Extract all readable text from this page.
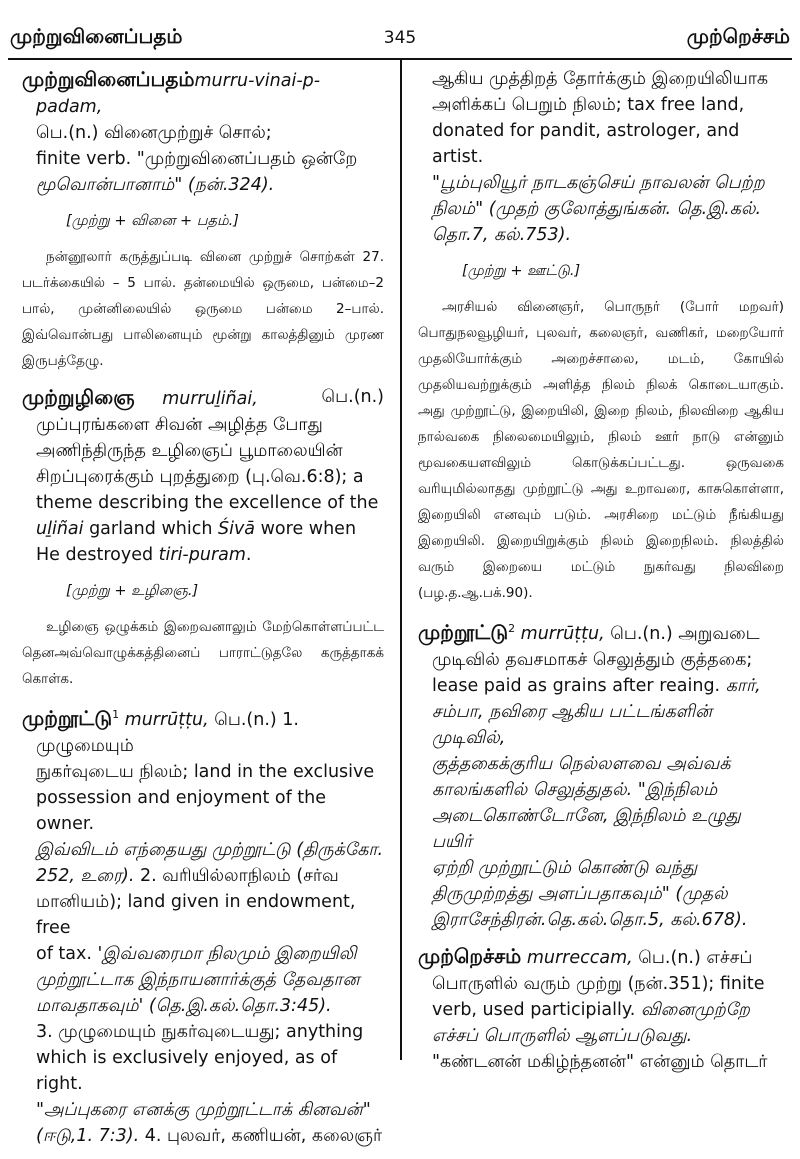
முற்றுவினைப்பதம்	345	முற்றெச்சம்

முற்றுவினைப்பதம்murru-vinai-p-padam,

பெ.(n.) வினைமுற்றுச் சொல்;

finite verb. "முற்றுவினைப்பதம் ஒன்றே

மூவொன்பானாம்" (நன்.324).

[முற்று + வினை + பதம்.]

நன்னூலார் கருத்துப்படி வினை முற்றுச் சொற்கள் 27. படர்க்கையில் – 5 பால். தன்மையில் ஒருமை, பன்மை–2 பால், முன்னிலையில் ஒருமை பன்மை 2–பால். இவ்வொன்பது பாலினையும் மூன்று காலத்தினும் முரண இருபத்தேழு.

முற்றுழிஞை murruḻiñai,	பெ.(n.)

முப்புரங்களை சிவன் அழித்த போது

அணிந்திருந்த உழிஞைப் பூமாலையின்

சிறப்புரைக்கும் புறத்துறை (பு.வெ.6:8); a

theme describing the excellence of the

uḻiñai garland which Śivā wore when

He destroyed tiri-puram.

[முற்று + உழிஞை.]

உழிஞை ஒழுக்கம் இறைவனாலும் மேற்கொள்ளப்பட்ட தெனஅவ்வொழுக்கத்தினைப் பாராட்டுதலே கருத்தாகக் கொள்க.

முற்றூட்டு$^1$ murrūṭṭu, பெ.(n.) 1. முழுமையும்

நுகர்வுடைய நிலம்; land in the exclusive

possession and enjoyment of the owner.

இவ்விடம் எந்தையது முற்றூட்டு (திருக்கோ.

252, உரை). 2. வரியில்லாநிலம் (சர்வ

மானியம்); land given in endowment, free

of tax. 'இவ்வரைமா நிலமும் இறையிலி

முற்றூட்டாக இந்நாயனார்க்குத் தேவதான

மாவதாகவும்' (தெ.இ.கல்.தொ.3:45).

3. முழுமையும் நுகர்வுடையது; anything

which is exclusively enjoyed, as of right.

"அப்புகரை எனக்கு முற்றூட்டாக் கினவன்"

(ஈடு,1. 7:3). 4. புலவர், கணியன், கலைஞர்

ஆகிய முத்திறத் தோர்க்கும் இறையிலியாக

அளிக்கப் பெறும் நிலம்; tax free land,

donated for pandit, astrologer, and artist.

"பூம்புலியூர் நாடகஞ்செய் நாவலன் பெற்ற

நிலம்" (முதற் குலோத்துங்கன். தெ.இ.கல்.

தொ.7, கல்.753).

[முற்று + ஊட்டு.]

அரசியல் வினைஞர், பொருநர் (போர் மறவர்) பொதுநலவூழியர், புலவர், கலைஞர், வணிகர், மறையோர் முதலியோர்க்கும் அறைச்சாலை, மடம், கோயில் முதலியவற்றுக்கும் அளித்த நிலம் நிலக் கொடையாகும். அது முற்றூட்டு, இறையிலி, இறை நிலம், நிலவிறை ஆகிய நால்வகை நிலைமையிலும், நிலம் ஊர் நாடு என்னும் மூவகையளவிலும் கொடுக்கப்பட்டது. ஒருவகை வரியுமில்லாதது முற்றூட்டு அது உறாவரை, காசுகொள்ளா, இறையிலி எனவும் படும். அரசிறை மட்டும் நீங்கியது இறையிலி. இறையிறுக்கும் நிலம் இறைநிலம். நிலத்தில் வரும் இறையை மட்டும் நுகர்வது நிலவிறை (பழ.த.ஆ.பக்.90).

முற்றூட்டு$^2$ murrūṭṭu, பெ.(n.) அறுவடை

முடிவில் தவசமாகச் செலுத்தும் குத்தகை;

lease paid as grains after reaing. கார்,

சம்பா, நவிரை ஆகிய பட்டங்களின் முடிவில்,

குத்தகைக்குரிய நெல்லளவை அவ்வக்

காலங்களில் செலுத்துதல். "இந்நிலம்

அடைகொண்டோனே, இந்நிலம் உழுது பயிர்

ஏற்றி முற்றூட்டும் கொண்டு வந்து

திருமுற்றத்து அளப்பதாகவும்" (முதல்

இராசேந்திரன்.தெ.கல்.தொ.5, கல்.678).

முற்றெச்சம் murreccam, பெ.(n.) எச்சப்

பொருளில் வரும் முற்று (நன்.351); finite

verb, used participially. வினைமுற்றே

எச்சப் பொருளில் ஆளப்படுவது.

"கண்டனன் மகிழ்ந்தனன்" என்னும் தொடர்
